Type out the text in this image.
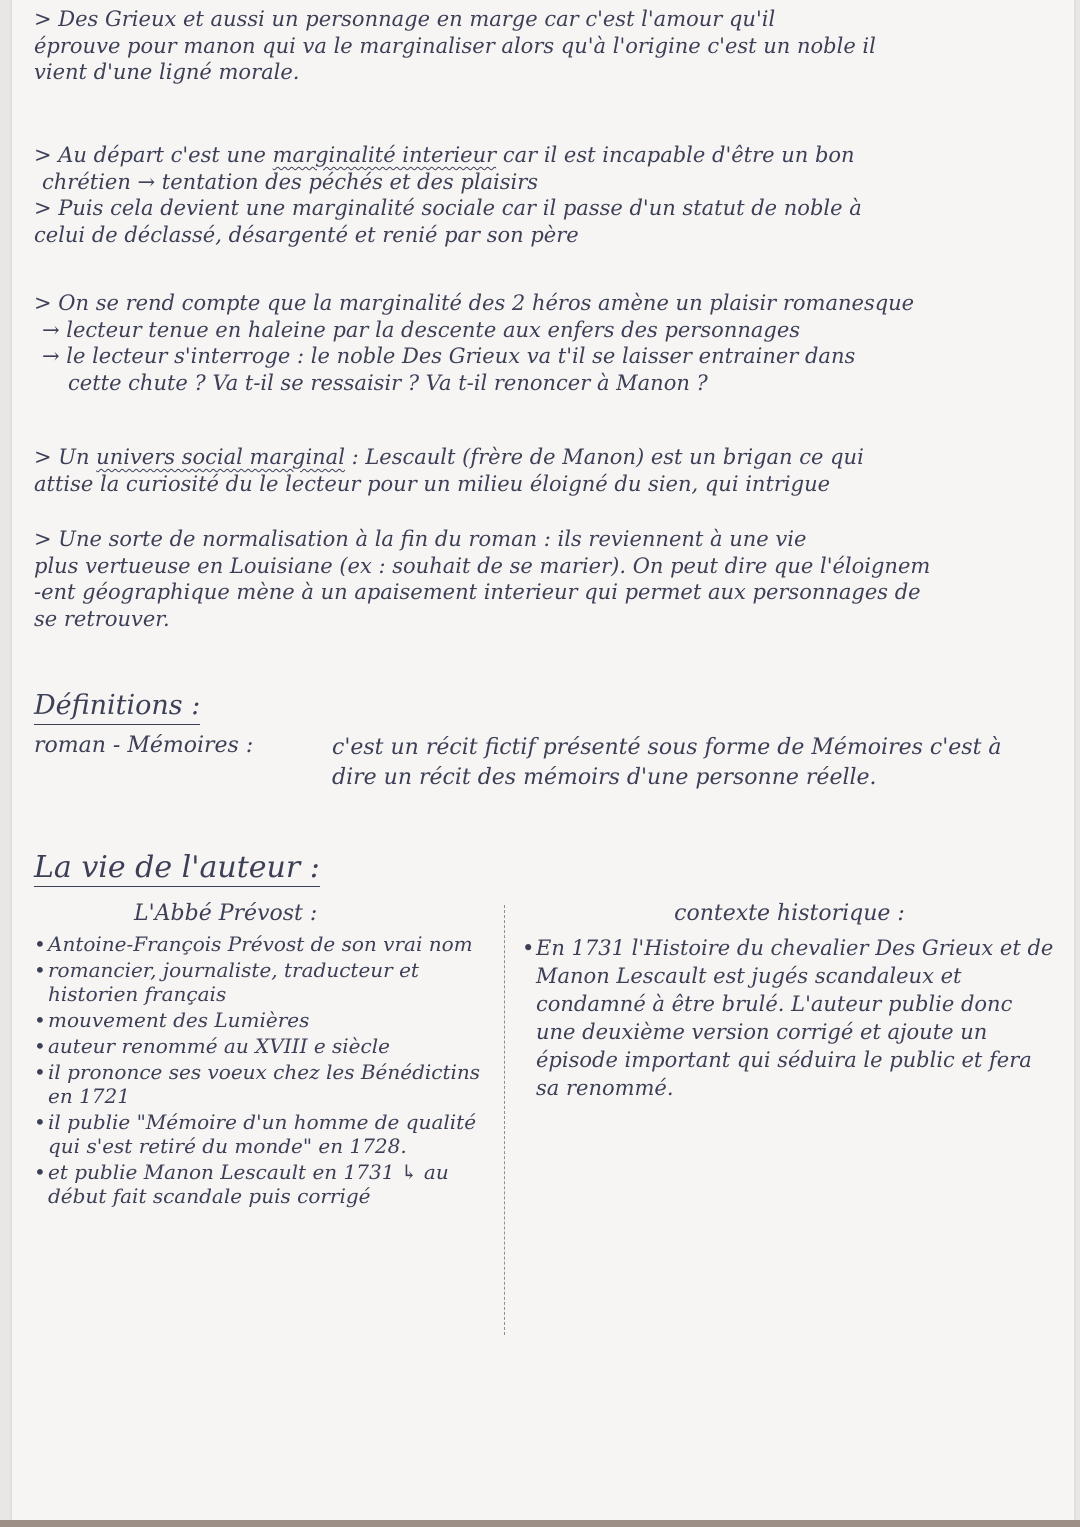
> Des Grieux et aussi un personnage en marge car c'est l'amour qu'il
éprouve pour manon qui va le marginaliser alors qu'à l'origine c'est un noble il
vient d'une ligné morale.
> Au départ c'est une marginalité interieur car il est incapable d'être un bon
chrétien → tentation des péchés et des plaisirs
> Puis cela devient une marginalité sociale car il passe d'un statut de noble à
celui de déclassé, désargenté et renié par son père
> On se rend compte que la marginalité des 2 héros amène un plaisir romanesque
→ lecteur tenue en haleine par la descente aux enfers des personnages
→ le lecteur s'interroge : le noble Des Grieux va t'il se laisser entrainer dans
cette chute ? Va t-il se ressaisir ? Va t-il renoncer à Manon ?
> Un univers social marginal : Lescault (frère de Manon) est un brigan ce qui
attise la curiosité du le lecteur pour un milieu éloigné du sien, qui intrigue
> Une sorte de normalisation à la fin du roman : ils reviennent à une vie
plus vertueuse en Louisiane (ex : souhait de se marier). On peut dire que l'éloignem
-ent géographique mène à un apaisement interieur qui permet aux personnages de
se retrouver.
Définitions :
roman - Mémoires :	c'est un récit fictif présenté sous forme de Mémoires c'est à dire un récit des mémoirs d'une personne réelle.
La vie de l'auteur :
L'Abbé Prévost :
• Antoine-François Prévost de son vrai nom
• romancier, journaliste, traducteur et historien français
• mouvement des Lumières
• auteur renommé au XVIII e siècle
• il prononce ses voeux chez les Bénédictins en 1721
• il publie "Mémoire d'un homme de qualité qui s'est retiré du monde" en 1728.
• et publie Manon Lescault en 1731 ↳ au début fait scandale puis corrigé
contexte historique :
• En 1731 l'Histoire du chevalier Des Grieux et de Manon Lescault est jugés scandaleux et condamné à être brulé. L'auteur publie donc une deuxième version corrigé et ajoute un épisode important qui séduira le public et fera sa renommé.
